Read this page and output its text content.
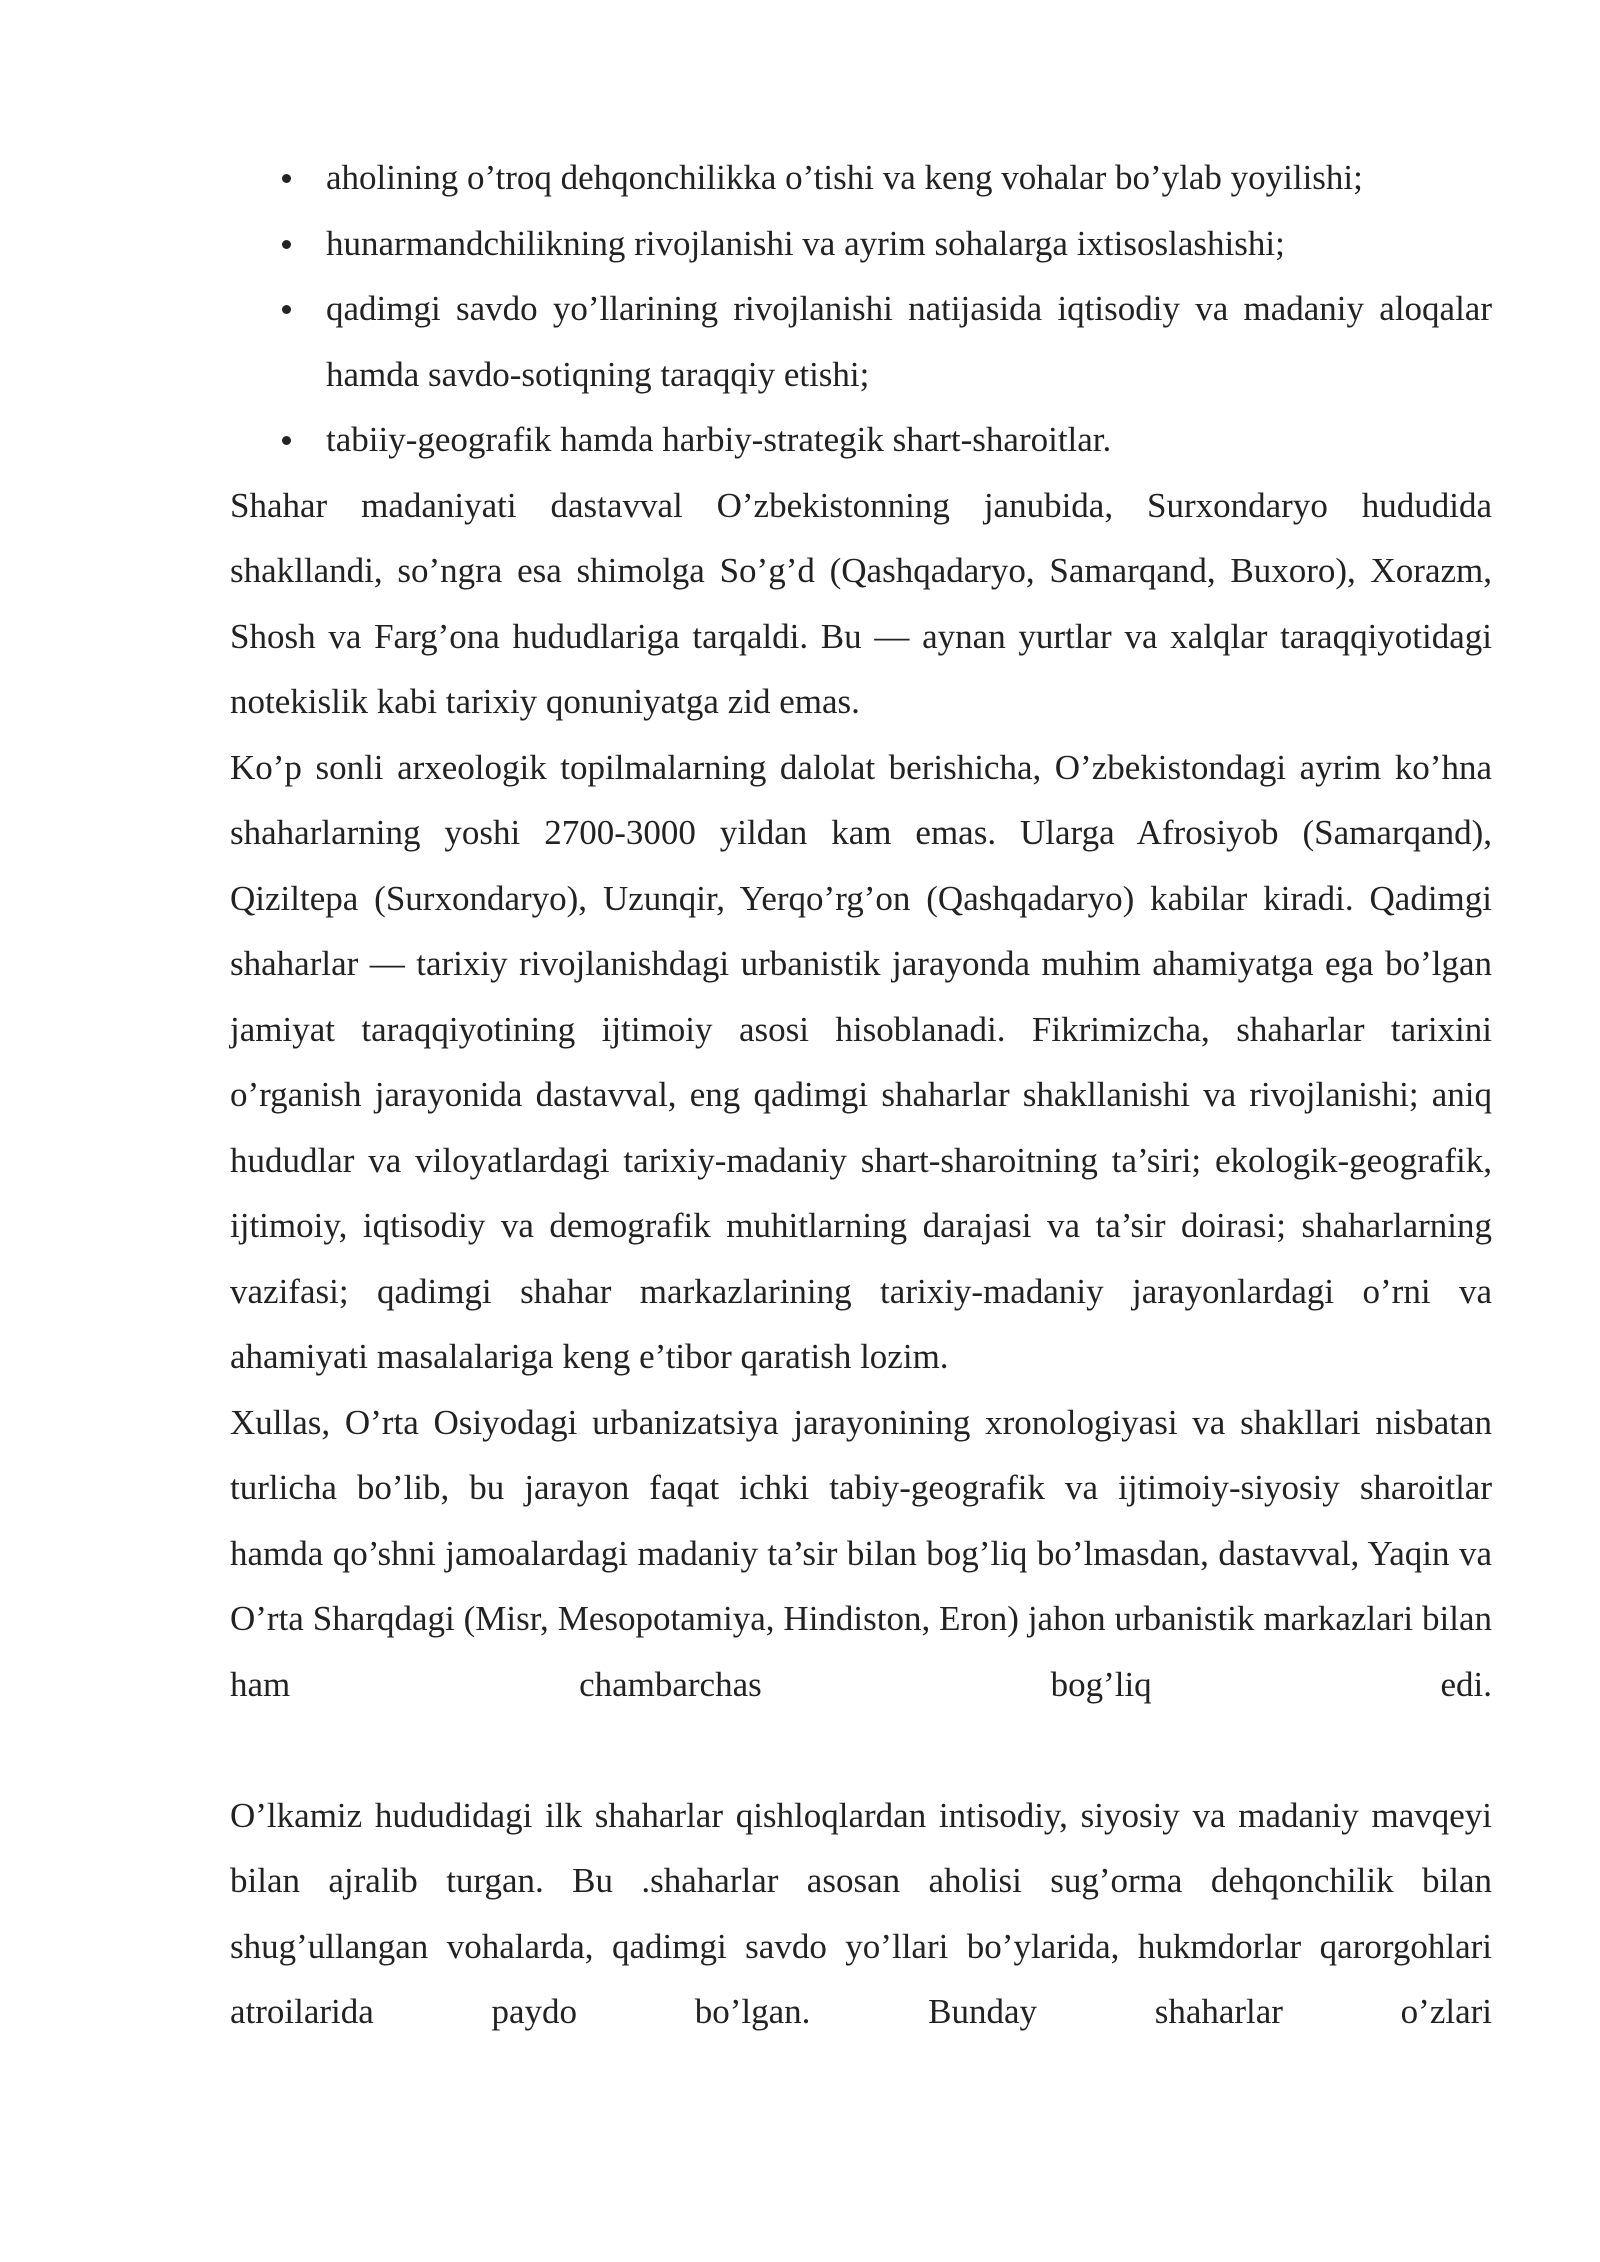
aholining o’troq dehqonchilikka o’tishi va keng vohalar bo’ylab yoyilishi;
hunarmandchilikning rivojlanishi va ayrim sohalarga ixtisoslashishi;
qadimgi savdo yo’llarining rivojlanishi natijasida iqtisodiy va madaniy aloqalar hamda savdo-sotiqning taraqqiy etishi;
tabiiy-geografik hamda harbiy-strategik shart-sharoitlar.

Shahar madaniyati dastavval O’zbekistonning janubida, Surxondaryo hududida shakllandi, so’ngra esa shimolga So’g’d (Qashqadaryo, Samarqand, Buxoro), Xorazm, Shosh va Farg’ona hududlariga tarqaldi. Bu — aynan yurtlar va xalqlar taraqqiyotidagi notekislik kabi tarixiy qonuniyatga zid emas.

Ko’p sonli arxeologik topilmalarning dalolat berishicha, O’zbekistondagi ayrim ko’hna shaharlarning yoshi 2700-3000 yildan kam emas. Ularga Afrosiyob (Samarqand), Qiziltepa (Surxondaryo), Uzunqir, Yerqo’rg’on (Qashqadaryo) kabilar kiradi. Qadimgi shaharlar — tarixiy rivojlanishdagi urbanistik jarayonda muhim ahamiyatga ega bo’lgan jamiyat taraqqiyotining ijtimoiy asosi hisoblanadi. Fikrimizcha, shaharlar tarixini o’rganish jarayonida dastavval, eng qadimgi shaharlar shakllanishi va rivojlanishi; aniq hududlar va viloyatlardagi tarixiy-madaniy shart-sharoitning ta’siri; ekologik-geografik, ijtimoiy, iqtisodiy va demografik muhitlarning darajasi va ta’sir doirasi; shaharlarning vazifasi; qadimgi shahar markazlarining tarixiy-madaniy jarayonlardagi o’rni va ahamiyati masalalariga keng e’tibor qaratish lozim.

Xullas, O’rta Osiyodagi urbanizatsiya jarayonining xronologiyasi va shakllari nisbatan turlicha bo’lib, bu jarayon faqat ichki tabiy-geografik va ijtimoiy-siyosiy sharoitlar hamda qo’shni jamoalardagi madaniy ta’sir bilan bog’liq bo’lmasdan, dastavval, Yaqin va O’rta Sharqdagi (Misr, Mesopotamiya, Hindiston, Eron) jahon urbanistik markazlari bilan ham chambarchas bog’liq edi.

O’lkamiz hududidagi ilk shaharlar qishloqlardan intisodiy, siyosiy va madaniy mavqeyi bilan ajralib turgan. Bu .shaharlar asosan aholisi sug’orma dehqonchilik bilan shug’ullangan vohalarda, qadimgi savdo yo’llari bo’ylarida, hukmdorlar qarorgohlari atroilarida paydo bo’lgan. Bunday shaharlar o’zlari
